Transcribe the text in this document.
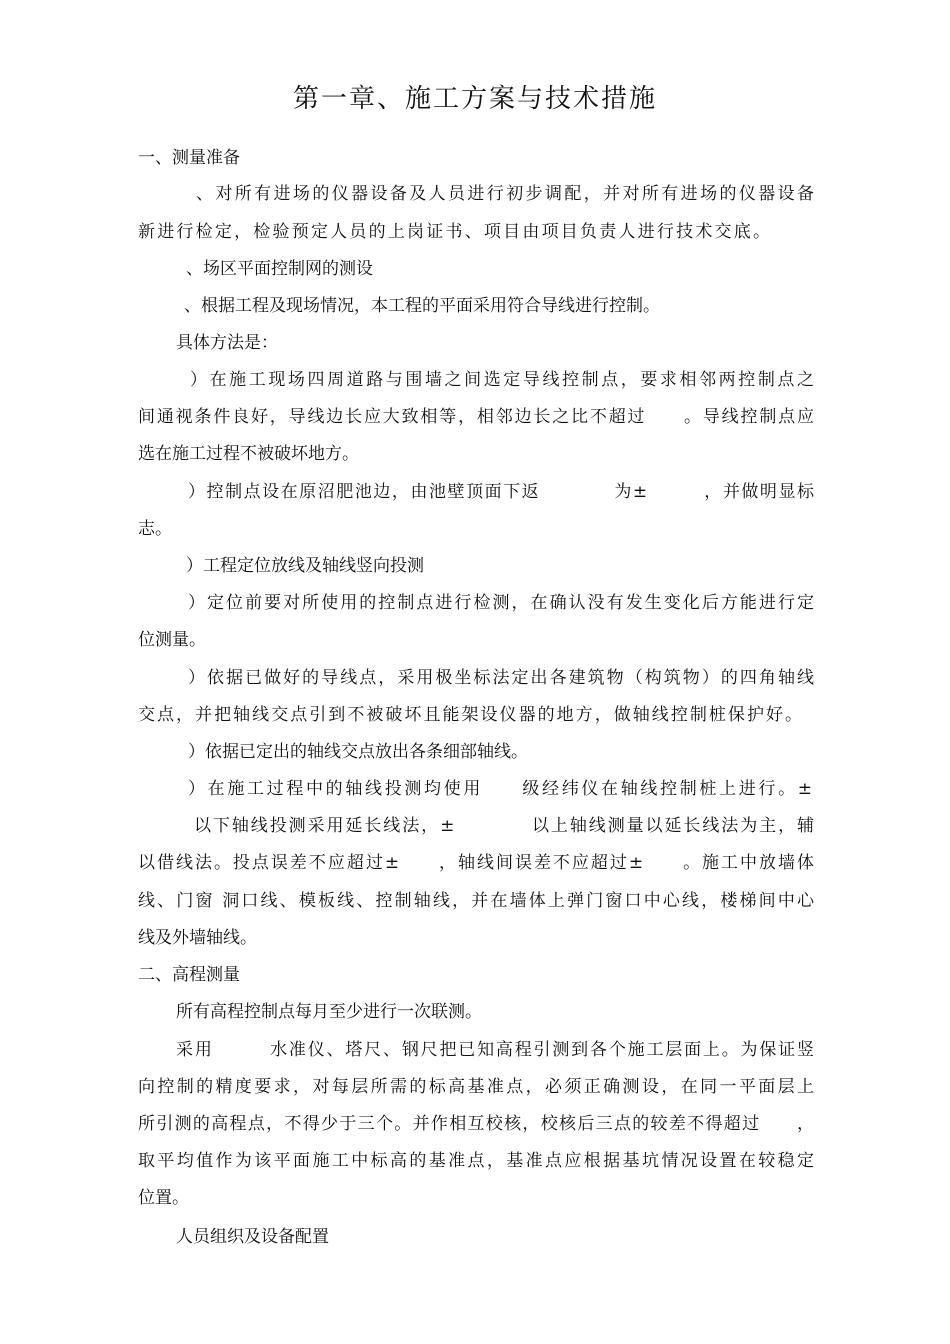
第一章、施工方案与技术措施
一、测量准备
、对所有进场的仪器设备及人员进行初步调配，并对所有进场的仪器设备
新进行检定，检验预定人员的上岗证书、项目由项目负责人进行技术交底。
、场区平面控制网的测设
、根据工程及现场情况，本工程的平面采用符合导线进行控制。
具体方法是：
）在施工现场四周道路与围墙之间选定导线控制点，要求相邻两控制点之
间通视条件良好，导线边长应大致相等，相邻边长之比不超过　　。导线控制点应
选在施工过程不被破坏地方。
）控制点设在原沼肥池边，由池壁顶面下返　　　　为±　　　，并做明显标
志。
）工程定位放线及轴线竖向投测
）定位前要对所使用的控制点进行检测，在确认没有发生变化后方能进行定
位测量。
）依据已做好的导线点，采用极坐标法定出各建筑物（构筑物）的四角轴线
交点，并把轴线交点引到不被破坏且能架设仪器的地方，做轴线控制桩保护好。
）依据已定出的轴线交点放出各条细部轴线。
）在施工过程中的轴线投测均使用　　级经纬仪在轴线控制桩上进行。±
以下轴线投测采用延长线法，±　　　　以上轴线测量以延长线法为主，辅
以借线法。投点误差不应超过±　　，轴线间误差不应超过±　　。施工中放墙体
线、门窗 洞口线、模板线、控制轴线，并在墙体上弹门窗口中心线，楼梯间中心
线及外墙轴线。
二、高程测量
所有高程控制点每月至少进行一次联测。
采用　　　水准仪、塔尺、钢尺把已知高程引测到各个施工层面上。为保证竖
向控制的精度要求，对每层所需的标高基准点，必须正确测设，在同一平面层上
所引测的高程点，不得少于三个。并作相互校核，校核后三点的较差不得超过　　，
取平均值作为该平面施工中标高的基准点，基准点应根据基坑情况设置在较稳定
位置。
人员组织及设备配置
